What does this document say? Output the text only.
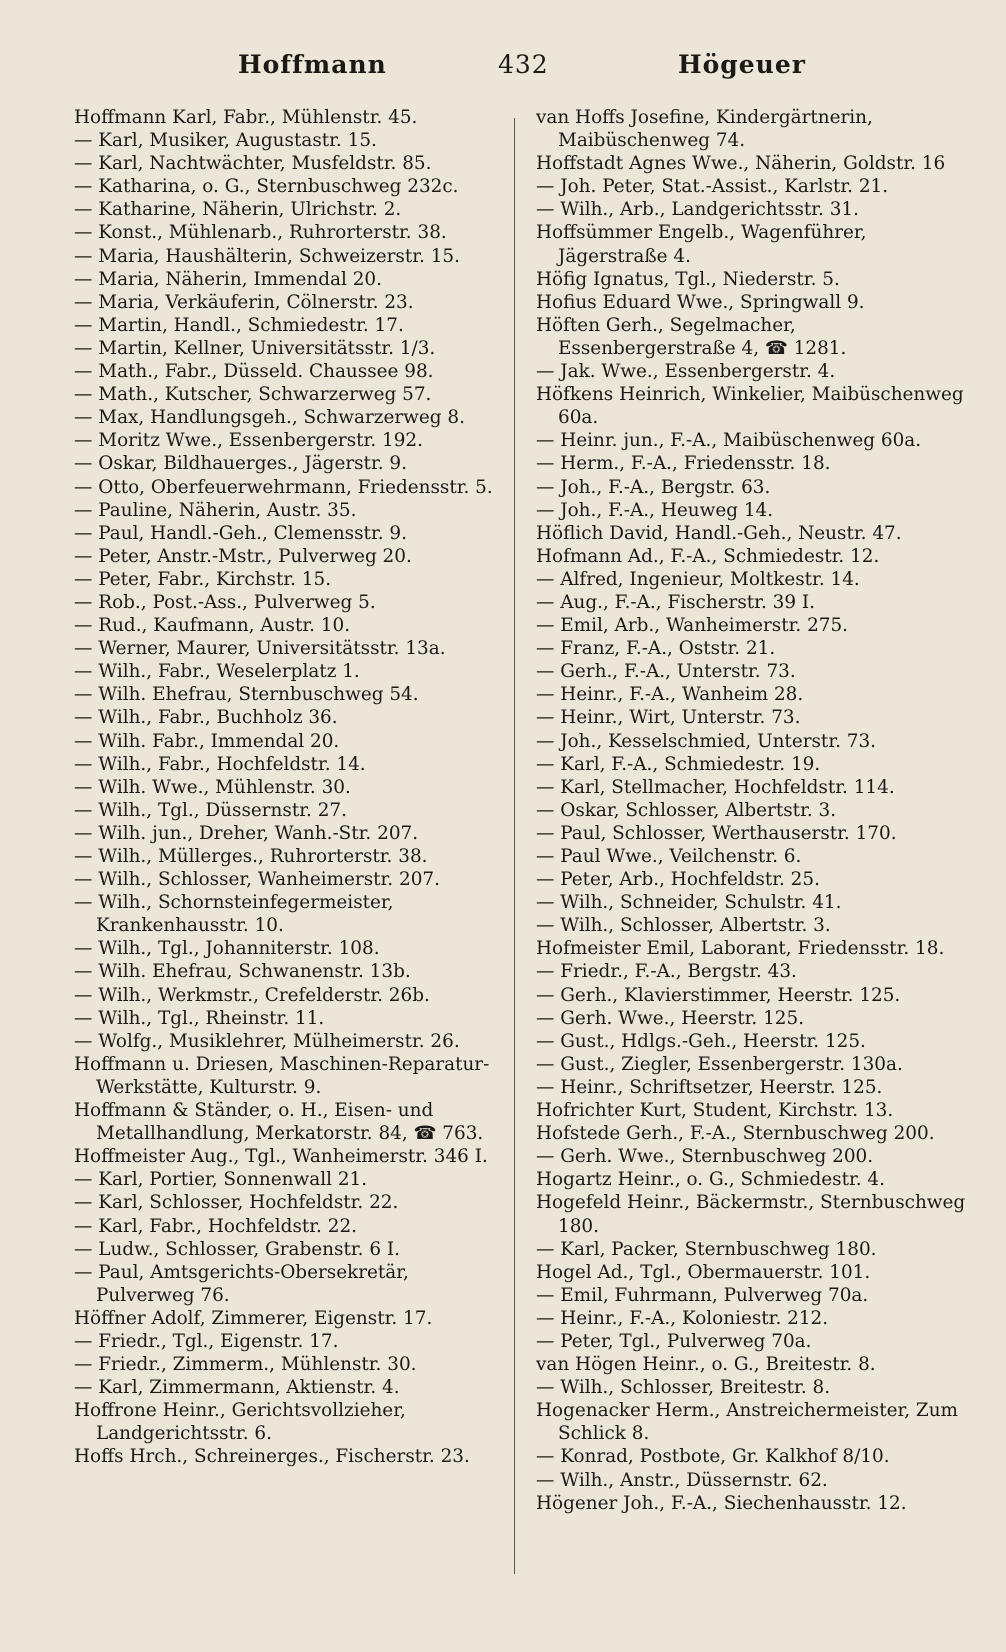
Hoffmann	432	Högeuer
Hoffmann Karl, Fabr., Mühlenstr. 45.
— Karl, Musiker, Augustastr. 15.
— Karl, Nachtwächter, Musfeldstr. 85.
— Katharina, o. G., Sternbuschweg 232c.
— Katharine, Näherin, Ulrichstr. 2.
— Konst., Mühlenarb., Ruhrorterstr. 38.
— Maria, Haushälterin, Schweizerstr. 15.
— Maria, Näherin, Immendal 20.
— Maria, Verkäuferin, Cölnerstr. 23.
— Martin, Handl., Schmiedestr. 17.
— Martin, Kellner, Universitätsstr. 1/3.
— Math., Fabr., Düsseld. Chaussee 98.
— Math., Kutscher, Schwarzerweg 57.
— Max, Handlungsgeh., Schwarzerweg 8.
— Moritz Wwe., Essenbergerstr. 192.
— Oskar, Bildhauerges., Jägerstr. 9.
— Otto, Oberfeuerwehrmann, Friedensstr. 5.
— Pauline, Näherin, Austr. 35.
— Paul, Handl.-Geh., Clemensstr. 9.
— Peter, Anstr.-Mstr., Pulverweg 20.
— Peter, Fabr., Kirchstr. 15.
— Rob., Post.-Ass., Pulverweg 5.
— Rud., Kaufmann, Austr. 10.
— Werner, Maurer, Universitätsstr. 13a.
— Wilh., Fabr., Weselerplatz 1.
— Wilh. Ehefrau, Sternbuschweg 54.
— Wilh., Fabr., Buchholz 36.
— Wilh. Fabr., Immendal 20.
— Wilh., Fabr., Hochfeldstr. 14.
— Wilh. Wwe., Mühlenstr. 30.
— Wilh., Tgl., Düssernstr. 27.
— Wilh. jun., Dreher, Wanh.-Str. 207.
— Wilh., Müllerges., Ruhrorterstr. 38.
— Wilh., Schlosser, Wanheimerstr. 207.
— Wilh., Schornsteinfegermeister, Krankenhausstr. 10.
— Wilh., Tgl., Johanniterstr. 108.
— Wilh. Ehefrau, Schwanenstr. 13b.
— Wilh., Werkmstr., Crefelderstr. 26b.
— Wilh., Tgl., Rheinstr. 11.
— Wolfg., Musiklehrer, Mülheimerstr. 26.
Hoffmann u. Driesen, Maschinen-Reparatur-Werkstätte, Kulturstr. 9.
Hoffmann & Ständer, o. H., Eisen- und Metallhandlung, Merkatorstr. 84, ☎ 763.
Hoffmeister Aug., Tgl., Wanheimerstr. 346 I.
— Karl, Portier, Sonnenwall 21.
— Karl, Schlosser, Hochfeldstr. 22.
— Karl, Fabr., Hochfeldstr. 22.
— Ludw., Schlosser, Grabenstr. 6 I.
— Paul, Amtsgerichts-Obersekretär, Pulverweg 76.
Höffner Adolf, Zimmerer, Eigenstr. 17.
— Friedr., Tgl., Eigenstr. 17.
— Friedr., Zimmerm., Mühlenstr. 30.
— Karl, Zimmermann, Aktienstr. 4.
Hoffrone Heinr., Gerichtsvollzieher, Landgerichtsstr. 6.
Hoffs Hrch., Schreinerges., Fischerstr. 23.
van Hoffs Josefine, Kindergärtnerin, Maibüschenweg 74.
Hoffstadt Agnes Wwe., Näherin, Goldstr. 16
— Joh. Peter, Stat.-Assist., Karlstr. 21.
— Wilh., Arb., Landgerichtsstr. 31.
Hoffsümmer Engelb., Wagenführer, Jägerstraße 4.
Höfig Ignatus, Tgl., Niederstr. 5.
Hofius Eduard Wwe., Springwall 9.
Höften Gerh., Segelmacher, Essenbergerstraße 4, ☎ 1281.
— Jak. Wwe., Essenbergerstr. 4.
Höfkens Heinrich, Winkelier, Maibüschenweg 60a.
— Heinr. jun., F.-A., Maibüschenweg 60a.
— Herm., F.-A., Friedensstr. 18.
— Joh., F.-A., Bergstr. 63.
— Joh., F.-A., Heuweg 14.
Höflich David, Handl.-Geh., Neustr. 47.
Hofmann Ad., F.-A., Schmiedestr. 12.
— Alfred, Ingenieur, Moltkestr. 14.
— Aug., F.-A., Fischerstr. 39 I.
— Emil, Arb., Wanheimerstr. 275.
— Franz, F.-A., Oststr. 21.
— Gerh., F.-A., Unterstr. 73.
— Heinr., F.-A., Wanheim 28.
— Heinr., Wirt, Unterstr. 73.
— Joh., Kesselschmied, Unterstr. 73.
— Karl, F.-A., Schmiedestr. 19.
— Karl, Stellmacher, Hochfeldstr. 114.
— Oskar, Schlosser, Albertstr. 3.
— Paul, Schlosser, Werthauserstr. 170.
— Paul Wwe., Veilchenstr. 6.
— Peter, Arb., Hochfeldstr. 25.
— Wilh., Schneider, Schulstr. 41.
— Wilh., Schlosser, Albertstr. 3.
Hofmeister Emil, Laborant, Friedensstr. 18.
— Friedr., F.-A., Bergstr. 43.
— Gerh., Klavierstimmer, Heerstr. 125.
— Gerh. Wwe., Heerstr. 125.
— Gust., Hdlgs.-Geh., Heerstr. 125.
— Gust., Ziegler, Essenbergerstr. 130a.
— Heinr., Schriftsetzer, Heerstr. 125.
Hofrichter Kurt, Student, Kirchstr. 13.
Hofstede Gerh., F.-A., Sternbuschweg 200.
— Gerh. Wwe., Sternbuschweg 200.
Hogartz Heinr., o. G., Schmiedestr. 4.
Hogefeld Heinr., Bäckermstr., Sternbuschweg 180.
— Karl, Packer, Sternbuschweg 180.
Hogel Ad., Tgl., Obermauerstr. 101.
— Emil, Fuhrmann, Pulverweg 70a.
— Heinr., F.-A., Koloniestr. 212.
— Peter, Tgl., Pulverweg 70a.
van Högen Heinr., o. G., Breitestr. 8.
— Wilh., Schlosser, Breitestr. 8.
Hogenacker Herm., Anstreichermeister, Zum Schlick 8.
— Konrad, Postbote, Gr. Kalkhof 8/10.
— Wilh., Anstr., Düssernstr. 62.
Högener Joh., F.-A., Siechenhausstr. 12.
